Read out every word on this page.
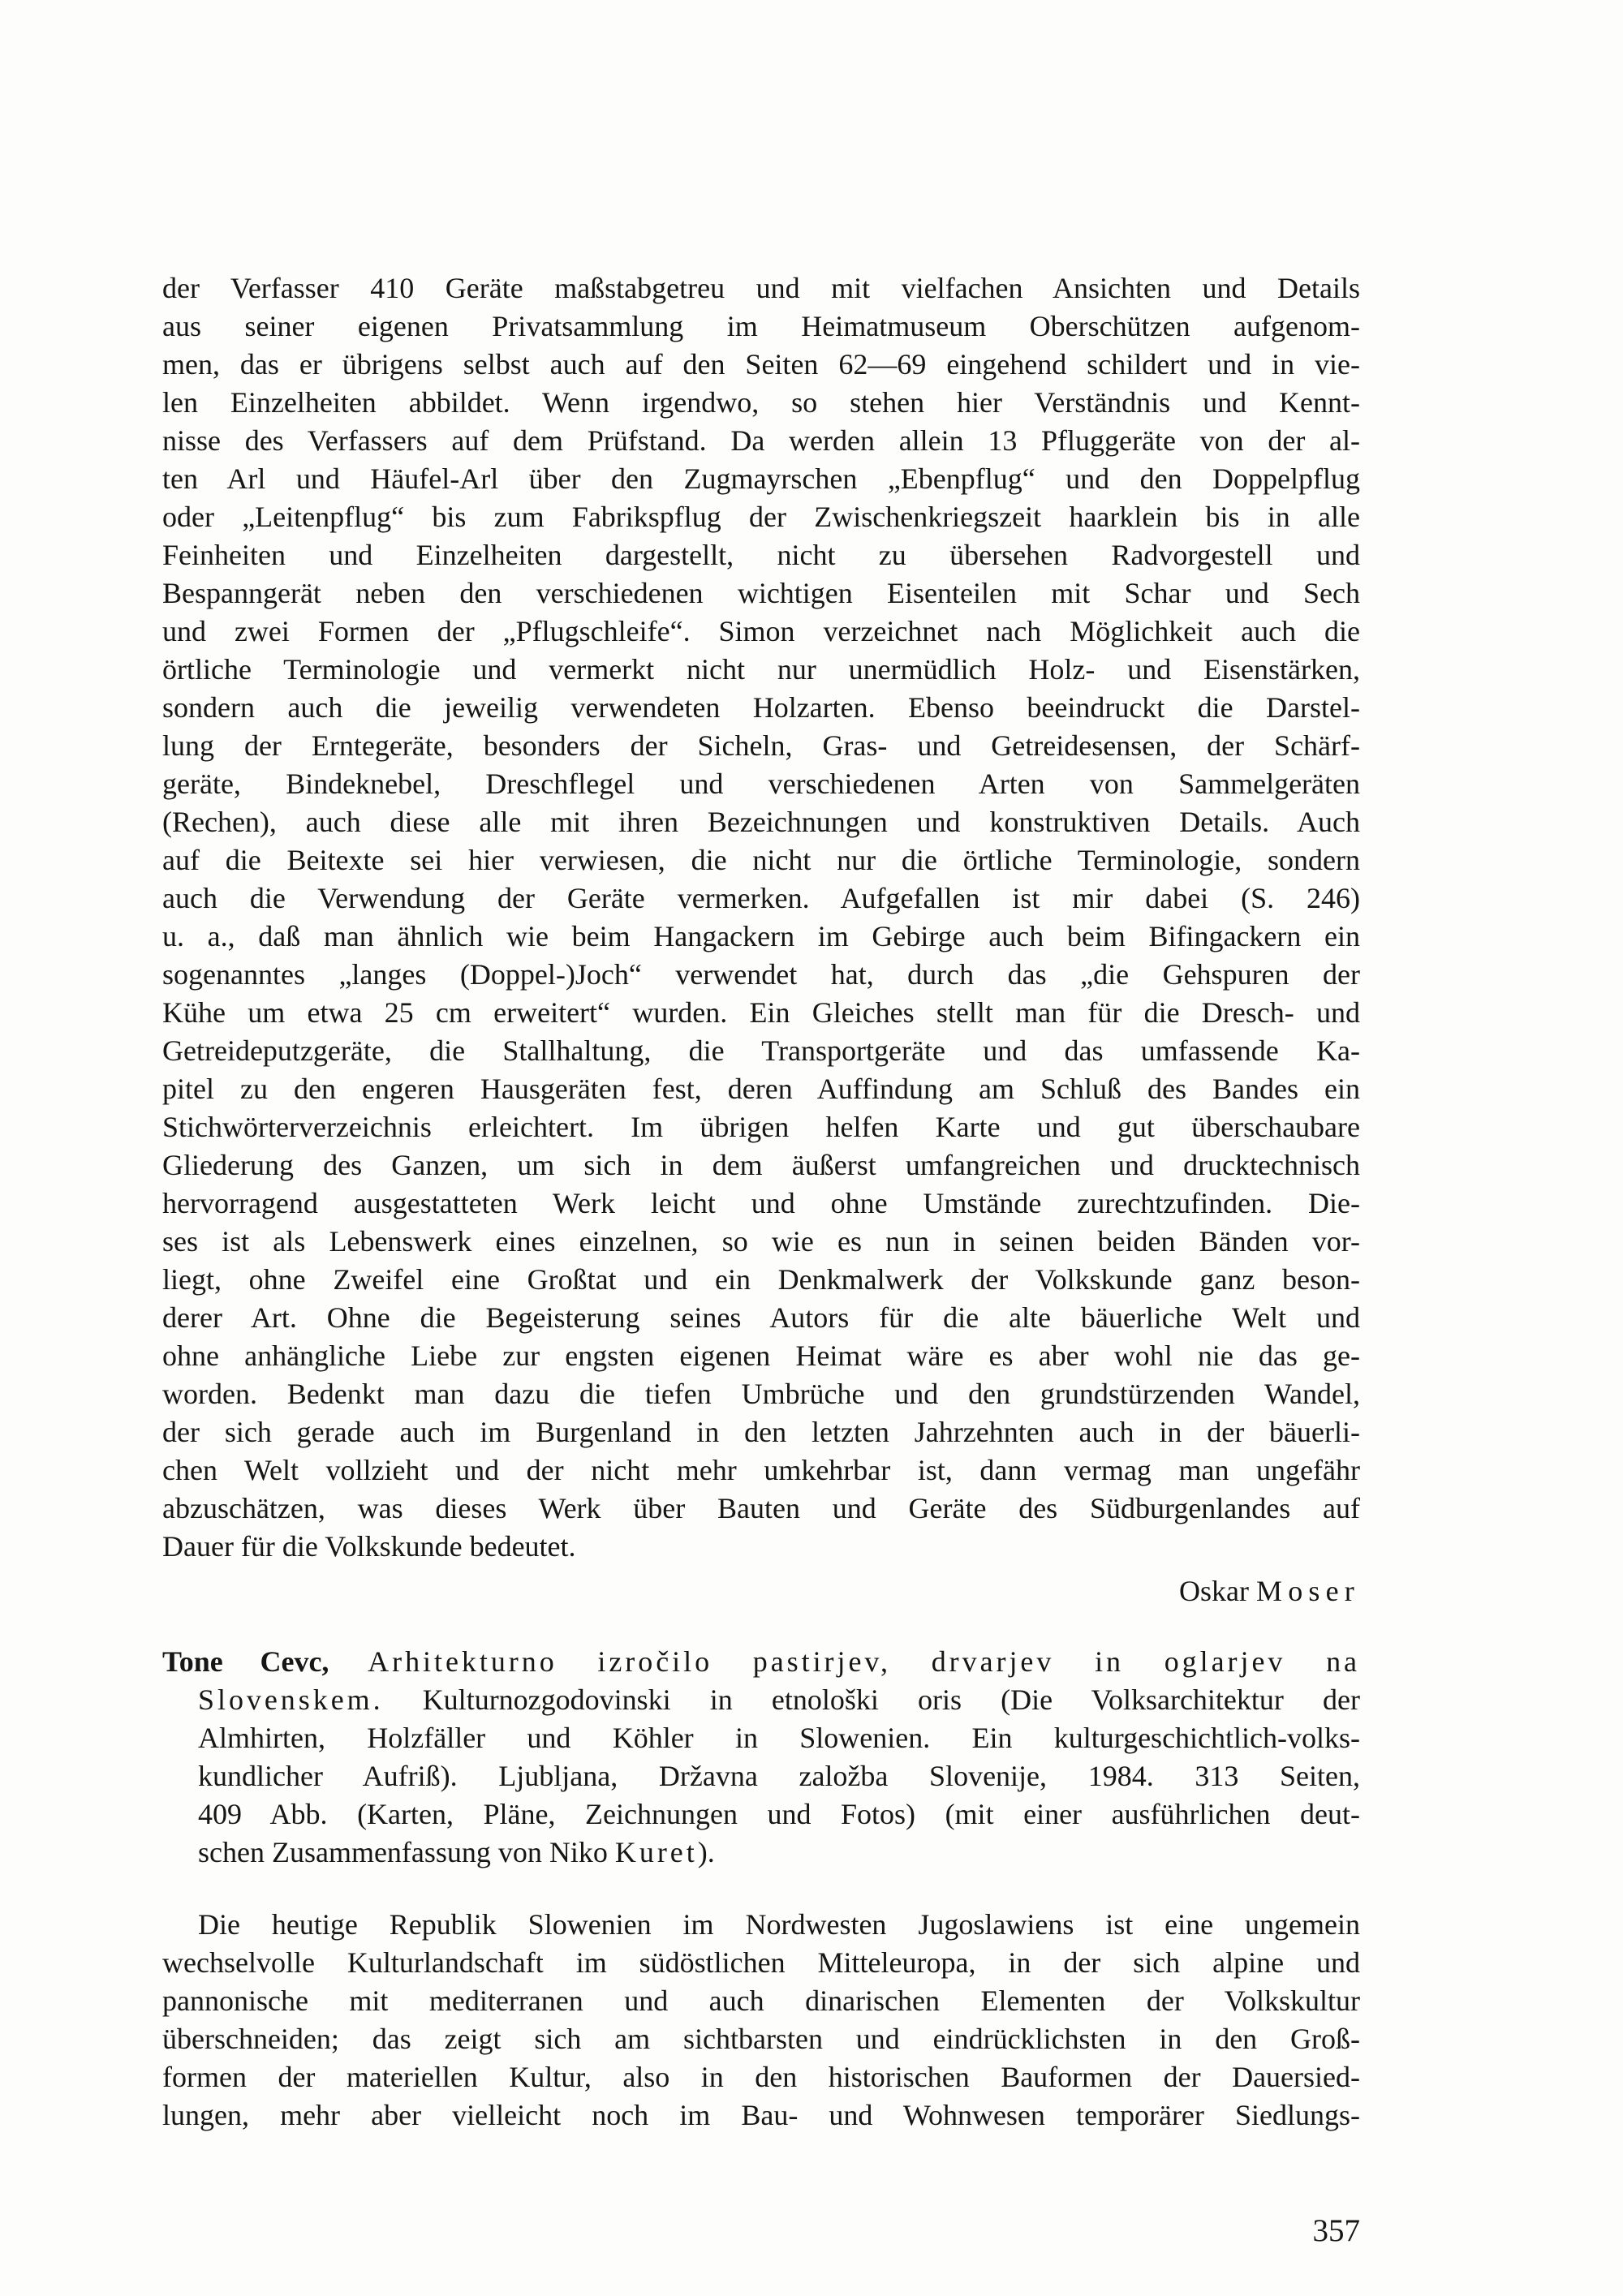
der Verfasser 410 Geräte maßstabgetreu und mit vielfachen Ansichten und Details
aus seiner eigenen Privatsammlung im Heimatmuseum Oberschützen aufgenom-
men, das er übrigens selbst auch auf den Seiten 62—69 eingehend schildert und in vie-
len Einzelheiten abbildet. Wenn irgendwo, so stehen hier Verständnis und Kennt-
nisse des Verfassers auf dem Prüfstand. Da werden allein 13 Pfluggeräte von der al-
ten Arl und Häufel-Arl über den Zugmayrschen „Ebenpflug“ und den Doppelpflug
oder „Leitenpflug“ bis zum Fabrikspflug der Zwischenkriegszeit haarklein bis in alle
Feinheiten und Einzelheiten dargestellt, nicht zu übersehen Radvorgestell und
Bespanngerät neben den verschiedenen wichtigen Eisenteilen mit Schar und Sech
und zwei Formen der „Pflugschleife“. Simon verzeichnet nach Möglichkeit auch die
örtliche Terminologie und vermerkt nicht nur unermüdlich Holz- und Eisenstärken,
sondern auch die jeweilig verwendeten Holzarten. Ebenso beeindruckt die Darstel-
lung der Erntegeräte, besonders der Sicheln, Gras- und Getreidesensen, der Schärf-
geräte, Bindeknebel, Dreschflegel und verschiedenen Arten von Sammelgeräten
(Rechen), auch diese alle mit ihren Bezeichnungen und konstruktiven Details. Auch
auf die Beitexte sei hier verwiesen, die nicht nur die örtliche Terminologie, sondern
auch die Verwendung der Geräte vermerken. Aufgefallen ist mir dabei (S. 246)
u. a., daß man ähnlich wie beim Hangackern im Gebirge auch beim Bifingackern ein
sogenanntes „langes (Doppel-)Joch“ verwendet hat, durch das „die Gehspuren der
Kühe um etwa 25 cm erweitert“ wurden. Ein Gleiches stellt man für die Dresch- und
Getreideputzgeräte, die Stallhaltung, die Transportgeräte und das umfassende Ka-
pitel zu den engeren Hausgeräten fest, deren Auffindung am Schluß des Bandes ein
Stichwörterverzeichnis erleichtert. Im übrigen helfen Karte und gut überschaubare
Gliederung des Ganzen, um sich in dem äußerst umfangreichen und drucktechnisch
hervorragend ausgestatteten Werk leicht und ohne Umstände zurechtzufinden. Die-
ses ist als Lebenswerk eines einzelnen, so wie es nun in seinen beiden Bänden vor-
liegt, ohne Zweifel eine Großtat und ein Denkmalwerk der Volkskunde ganz beson-
derer Art. Ohne die Begeisterung seines Autors für die alte bäuerliche Welt und
ohne anhängliche Liebe zur engsten eigenen Heimat wäre es aber wohl nie das ge-
worden. Bedenkt man dazu die tiefen Umbrüche und den grundstürzenden Wandel,
der sich gerade auch im Burgenland in den letzten Jahrzehnten auch in der bäuerli-
chen Welt vollzieht und der nicht mehr umkehrbar ist, dann vermag man ungefähr
abzuschätzen, was dieses Werk über Bauten und Geräte des Südburgenlandes auf
Dauer für die Volkskunde bedeutet.
Oskar Moser
Tone Cevc, Arhitekturno izročilo pastirjev, drvarjev in oglarjev na
Slovenskem. Kulturnozgodovinski in etnološki oris (Die Volksarchitektur der
Almhirten, Holzfäller und Köhler in Slowenien. Ein kulturgeschichtlich-volks-
kundlicher Aufriß). Ljubljana, Državna založba Slovenije, 1984. 313 Seiten,
409 Abb. (Karten, Pläne, Zeichnungen und Fotos) (mit einer ausführlichen deut-
schen Zusammenfassung von Niko Kuret).
Die heutige Republik Slowenien im Nordwesten Jugoslawiens ist eine ungemein
wechselvolle Kulturlandschaft im südöstlichen Mitteleuropa, in der sich alpine und
pannonische mit mediterranen und auch dinarischen Elementen der Volkskultur
überschneiden; das zeigt sich am sichtbarsten und eindrücklichsten in den Groß-
formen der materiellen Kultur, also in den historischen Bauformen der Dauersied-
lungen, mehr aber vielleicht noch im Bau- und Wohnwesen temporärer Siedlungs-
357
